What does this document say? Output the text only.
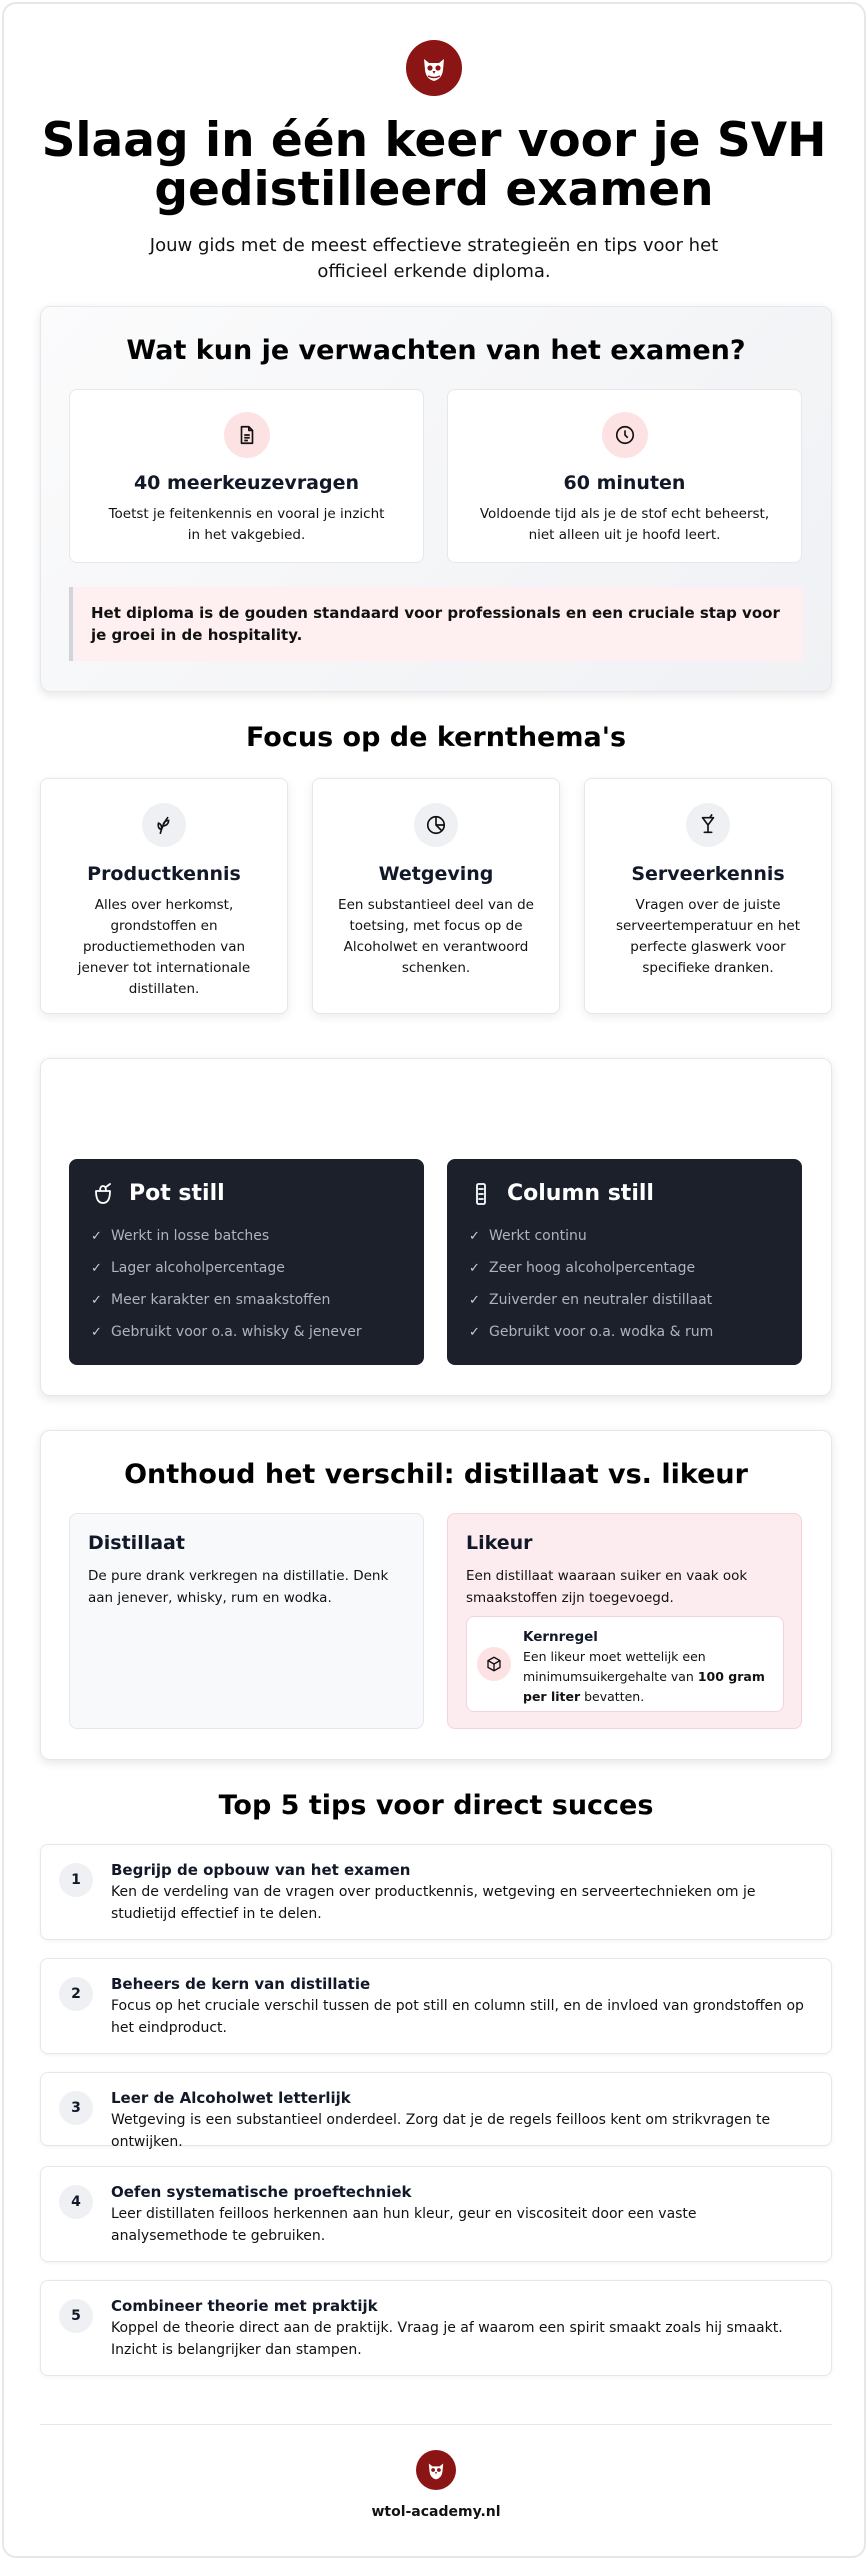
Slaag in één keer voor je SVH gedistilleerd examen

Jouw gids met de meest effectieve strategieën en tips voor het officieel erkende diploma.

Wat kun je verwachten van het examen?
40 meerkeuzevragen

Toetst je feitenkennis en vooral je inzicht in het vakgebied.

60 minuten

Voldoende tijd als je de stof echt beheerst, niet alleen uit je hoofd leert.

Het diploma is de gouden standaard voor professionals en een cruciale stap voor je groei in de hospitality.
Focus op de kernthema's
Productkennis

Alles over herkomst, grondstoffen en productiemethoden van jenever tot internationale distillaten.

Wetgeving

Een substantieel deel van de toetsing, met focus op de Alcoholwet en verantwoord schenken.

Serveerkennis

Vragen over de juiste serveertemperatuur en het perfecte glaswerk voor specifieke dranken.

Pot still
✓ Werkt in losse batches
✓ Lager alcoholpercentage
✓ Meer karakter en smaakstoffen
✓ Gebruikt voor o.a. whisky & jenever
Column still
✓ Werkt continu
✓ Zeer hoog alcoholpercentage
✓ Zuiverder en neutraler distillaat
✓ Gebruikt voor o.a. wodka & rum
Onthoud het verschil: distillaat vs. likeur
Distillaat

De pure drank verkregen na distillatie. Denk aan jenever, whisky, rum en wodka.

Likeur

Een distillaat waaraan suiker en vaak ook smaakstoffen zijn toegevoegd.

Kernregel

Een likeur moet wettelijk een minimumsuikergehalte van 100 gram per liter bevatten.

Top 5 tips voor direct succes
1
Begrijp de opbouw van het examen

Ken de verdeling van de vragen over productkennis, wetgeving en serveertechnieken om je studietijd effectief in te delen.

2
Beheers de kern van distillatie

Focus op het cruciale verschil tussen de pot still en column still, en de invloed van grondstoffen op het eindproduct.

3
Leer de Alcoholwet letterlijk

Wetgeving is een substantieel onderdeel. Zorg dat je de regels feilloos kent om strikvragen te ontwijken.

4
Oefen systematische proeftechniek

Leer distillaten feilloos herkennen aan hun kleur, geur en viscositeit door een vaste analysemethode te gebruiken.

5
Combineer theorie met praktijk

Koppel de theorie direct aan de praktijk. Vraag je af waarom een spirit smaakt zoals hij smaakt. Inzicht is belangrijker dan stampen.

wtol-academy.nl
